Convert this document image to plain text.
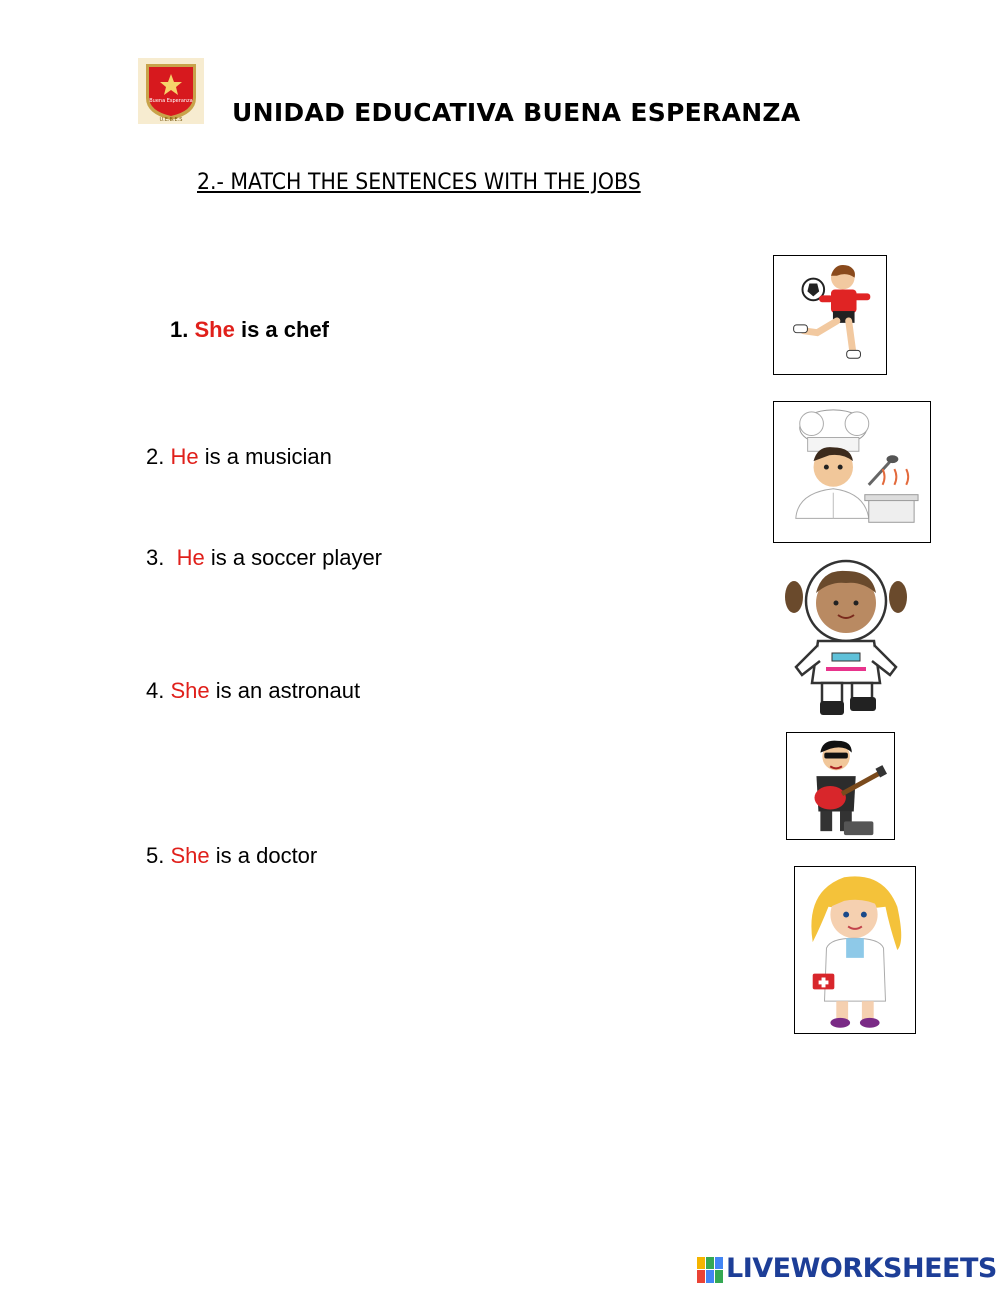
Buena Esperanza
U.E.B.E.S UNIDAD EDUCATIVA BUENA ESPERANZA
2.- MATCH THE SENTENCES WITH THE JOBS
1. She is a chef
2. He is a musician
3. He is a soccer player
4. She is an astronaut
5. She is a doctor
LIVEWORKSHEETS
